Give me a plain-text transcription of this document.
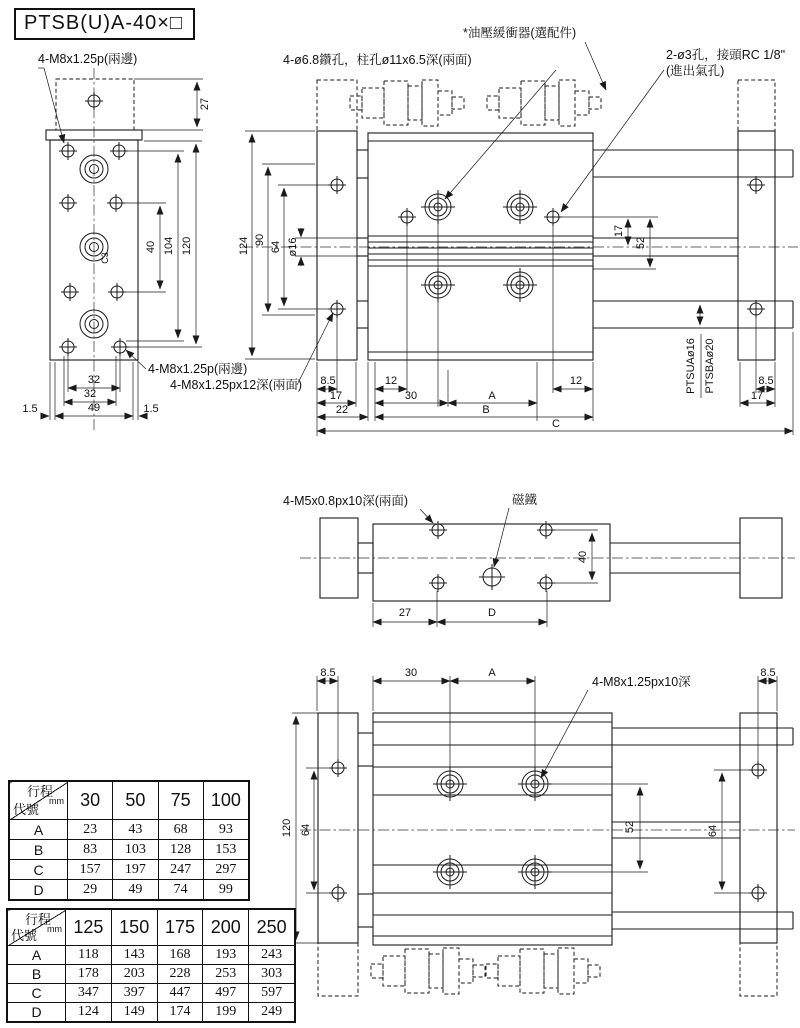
PTSB(U)A-40×□
C3
27
40 104 120
32
32
49
1.5	1.5
4-M8x1.25p(兩邊)
4-M8x1.25p(兩邊)
4-M8x1.25px12深(兩面)
124 90
64 ø16
17
52
PTSUAø16 PTSBAø20
8.5
17
22
12
30	A
B
12
C
8.5
17
4-ø6.8鑽孔，柱孔ø11x6.5深(兩面)
*油壓緩衝器(選配件)
2-ø3孔，接頭RC 1/8"
(進出氣孔)
40
27	D
4-M5x0.8px10深(兩面)	磁鐵
8.5	30	A	8.5
4-M8x1.25px10深
120 64	52	64
行程
mm
代號	30	50	75	100
A	23	43	68	93
B	83	103	128	153
C	157	197	247	297
D	29	49	74	99
行程
mm
代號	125	150	175	200	250
A	118	143	168	193	243
B	178	203	228	253	303
C	347	397	447	497	597
D	124	149	174	199	249
